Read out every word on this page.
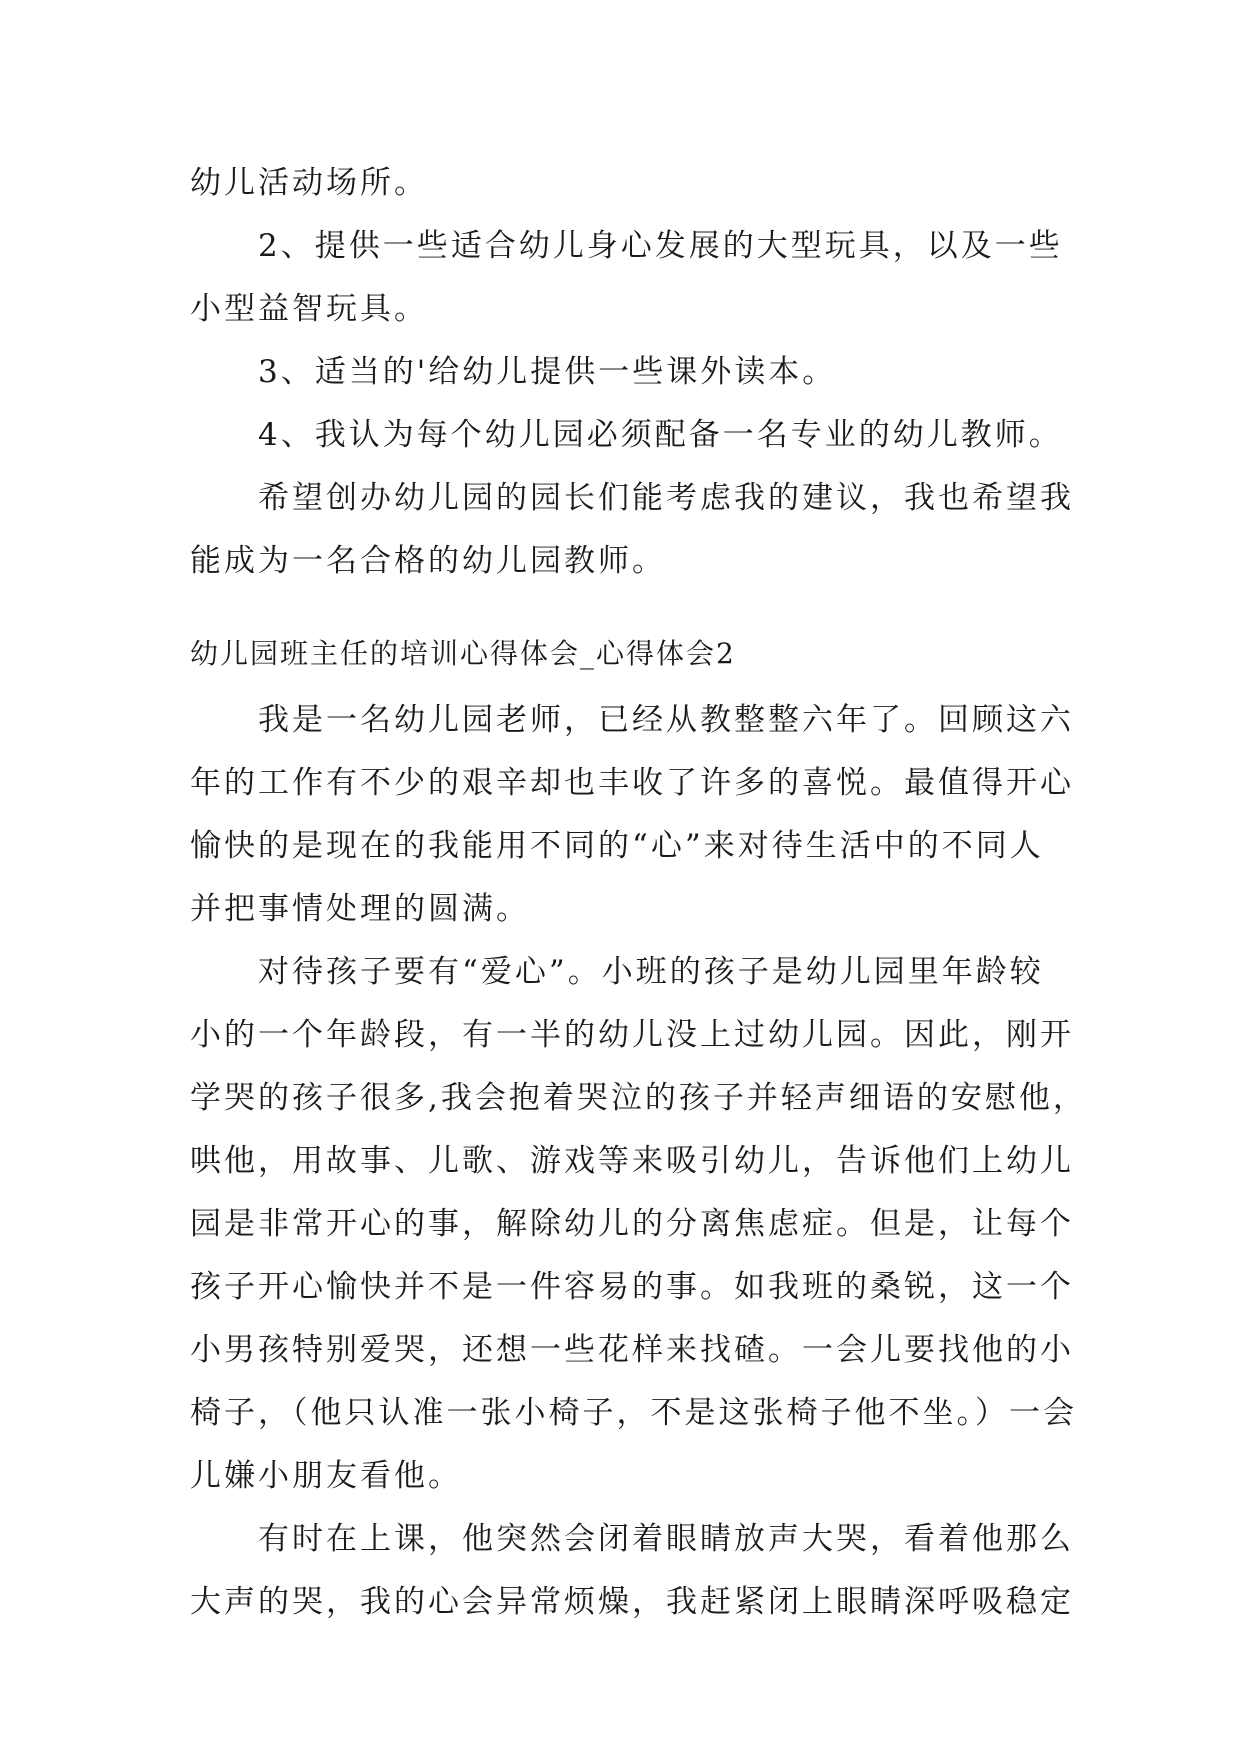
幼儿活动场所。
2、提供一些适合幼儿身心发展的大型玩具，以及一些
小型益智玩具。
3、适当的'给幼儿提供一些课外读本。
4、我认为每个幼儿园必须配备一名专业的幼儿教师。
希望创办幼儿园的园长们能考虑我的建议，我也希望我
能成为一名合格的幼儿园教师。
幼儿园班主任的培训心得体会_心得体会2
我是一名幼儿园老师，已经从教整整六年了。回顾这六
年的工作有不少的艰辛却也丰收了许多的喜悦。最值得开心
愉快的是现在的我能用不同的“心”来对待生活中的不同人
并把事情处理的圆满。
对待孩子要有“爱心”。小班的孩子是幼儿园里年龄较
小的一个年龄段，有一半的幼儿没上过幼儿园。因此，刚开
学哭的孩子很多,我会抱着哭泣的孩子并轻声细语的安慰他，
哄他，用故事、儿歌、游戏等来吸引幼儿，告诉他们上幼儿
园是非常开心的事，解除幼儿的分离焦虑症。但是，让每个
孩子开心愉快并不是一件容易的事。如我班的桑锐，这一个
小男孩特别爱哭，还想一些花样来找碴。一会儿要找他的小
椅子，（他只认准一张小椅子，不是这张椅子他不坐。）一会
儿嫌小朋友看他。
有时在上课，他突然会闭着眼睛放声大哭，看着他那么
大声的哭，我的心会异常烦燥，我赶紧闭上眼睛深呼吸稳定
